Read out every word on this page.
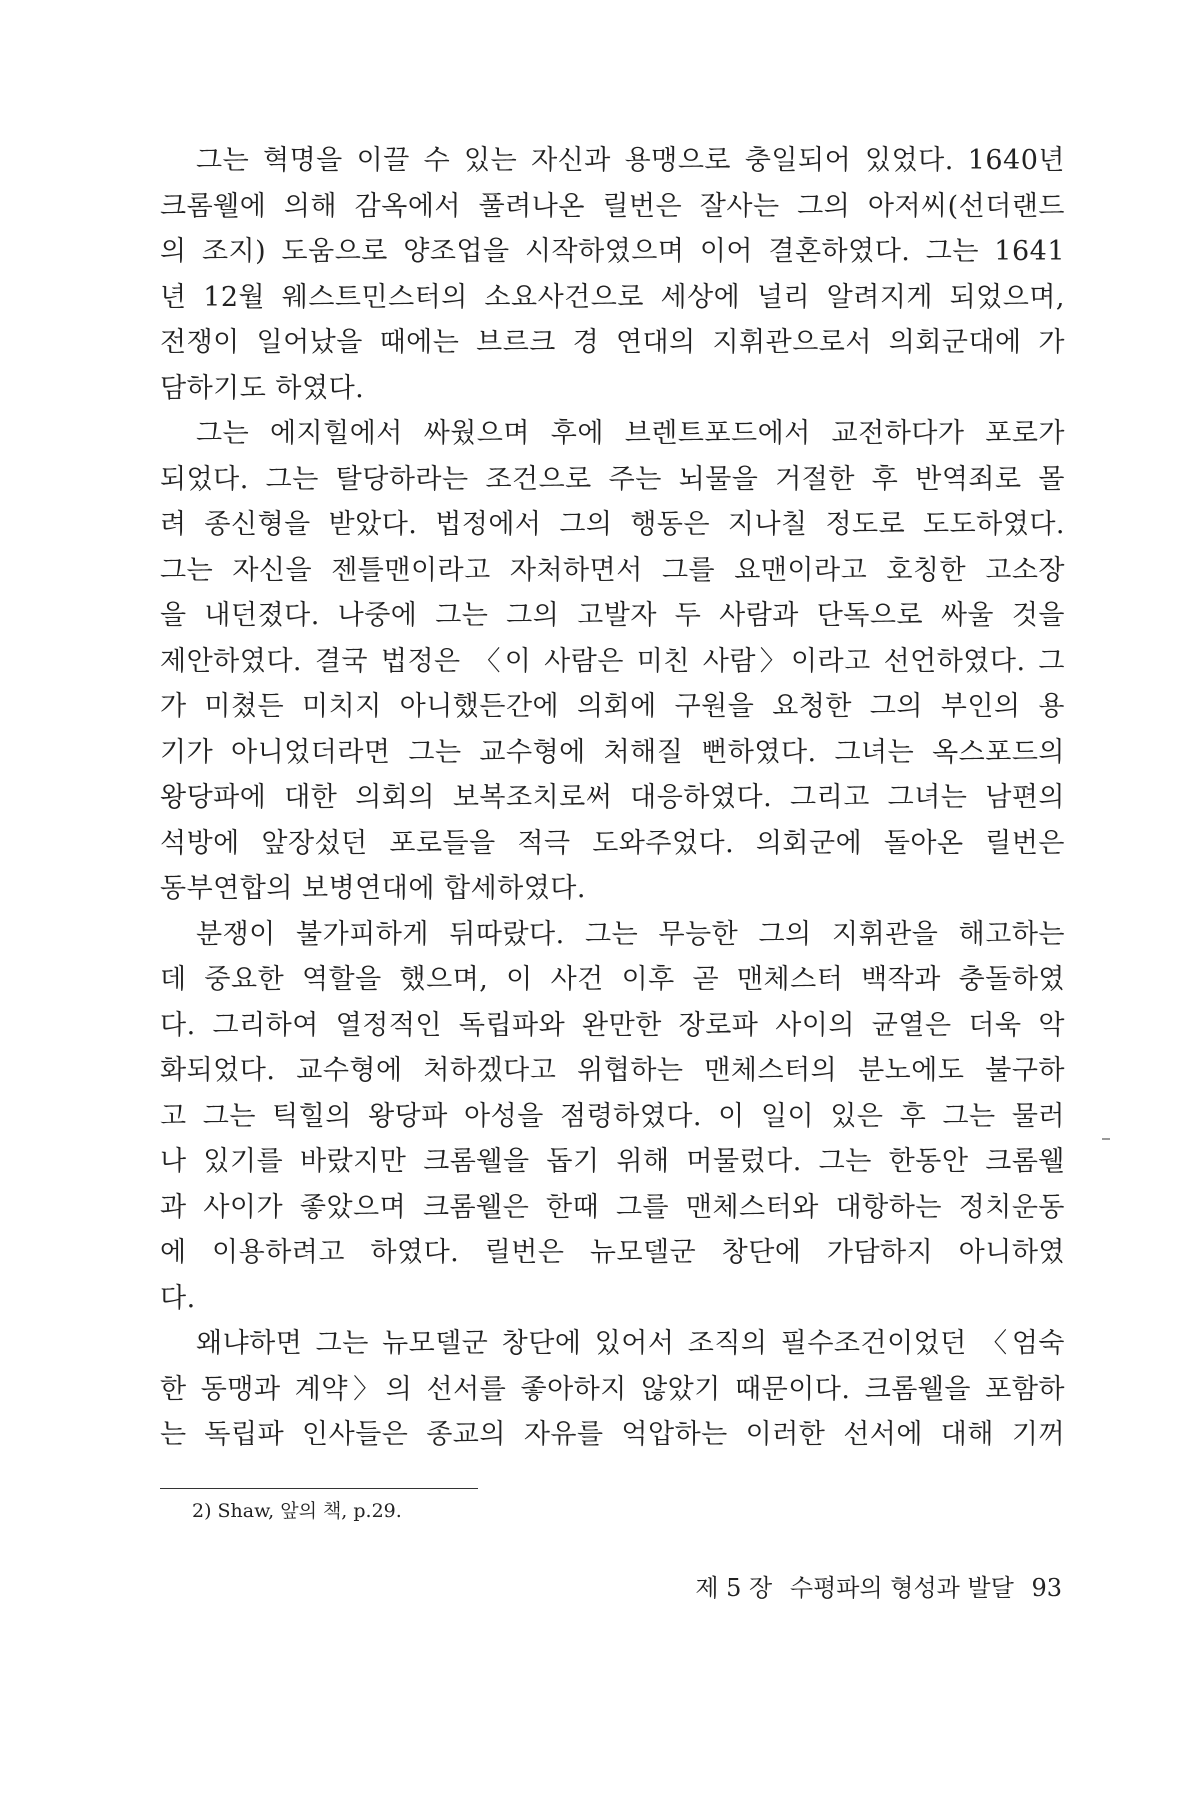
그는 혁명을 이끌 수 있는 자신과 용맹으로 충일되어 있었다. 1640년
크롬웰에 의해 감옥에서 풀려나온 릴번은 잘사는 그의 아저씨(선더랜드
의 조지) 도움으로 양조업을 시작하였으며 이어 결혼하였다. 그는 1641
년 12월 웨스트민스터의 소요사건으로 세상에 널리 알려지게 되었으며,
전쟁이 일어났을 때에는 브르크 경 연대의 지휘관으로서 의회군대에 가
담하기도 하였다.

그는 에지힐에서 싸웠으며 후에 브렌트포드에서 교전하다가 포로가
되었다. 그는 탈당하라는 조건으로 주는 뇌물을 거절한 후 반역죄로 몰
려 종신형을 받았다. 법정에서 그의 행동은 지나칠 정도로 도도하였다.
그는 자신을 젠틀맨이라고 자처하면서 그를 요맨이라고 호칭한 고소장
을 내던졌다. 나중에 그는 그의 고발자 두 사람과 단독으로 싸울 것을
제안하였다. 결국 법정은 〈이 사람은 미친 사람〉이라고 선언하였다. 그
가 미쳤든 미치지 아니했든간에 의회에 구원을 요청한 그의 부인의 용
기가 아니었더라면 그는 교수형에 처해질 뻔하였다. 그녀는 옥스포드의
왕당파에 대한 의회의 보복조치로써 대응하였다. 그리고 그녀는 남편의
석방에 앞장섰던 포로들을 적극 도와주었다. 의회군에 돌아온 릴번은
동부연합의 보병연대에 합세하였다.

분쟁이 불가피하게 뒤따랐다. 그는 무능한 그의 지휘관을 해고하는
데 중요한 역할을 했으며, 이 사건 이후 곧 맨체스터 백작과 충돌하였
다. 그리하여 열정적인 독립파와 완만한 장로파 사이의 균열은 더욱 악
화되었다. 교수형에 처하겠다고 위협하는 맨체스터의 분노에도 불구하
고 그는 틱힐의 왕당파 아성을 점령하였다. 이 일이 있은 후 그는 물러
나 있기를 바랐지만 크롬웰을 돕기 위해 머물렀다. 그는 한동안 크롬웰
과 사이가 좋았으며 크롬웰은 한때 그를 맨체스터와 대항하는 정치운동
에 이용하려고 하였다. 릴번은 뉴모델군 창단에 가담하지 아니하였
다.

왜냐하면 그는 뉴모델군 창단에 있어서 조직의 필수조건이었던 〈엄숙
한 동맹과 계약〉의 선서를 좋아하지 않았기 때문이다. 크롬웰을 포함하
는 독립파 인사들은 종교의 자유를 억압하는 이러한 선서에 대해 기꺼

2) Shaw, 앞의 책, p.29.
제 5 장 수평파의 형성과 발달 93
